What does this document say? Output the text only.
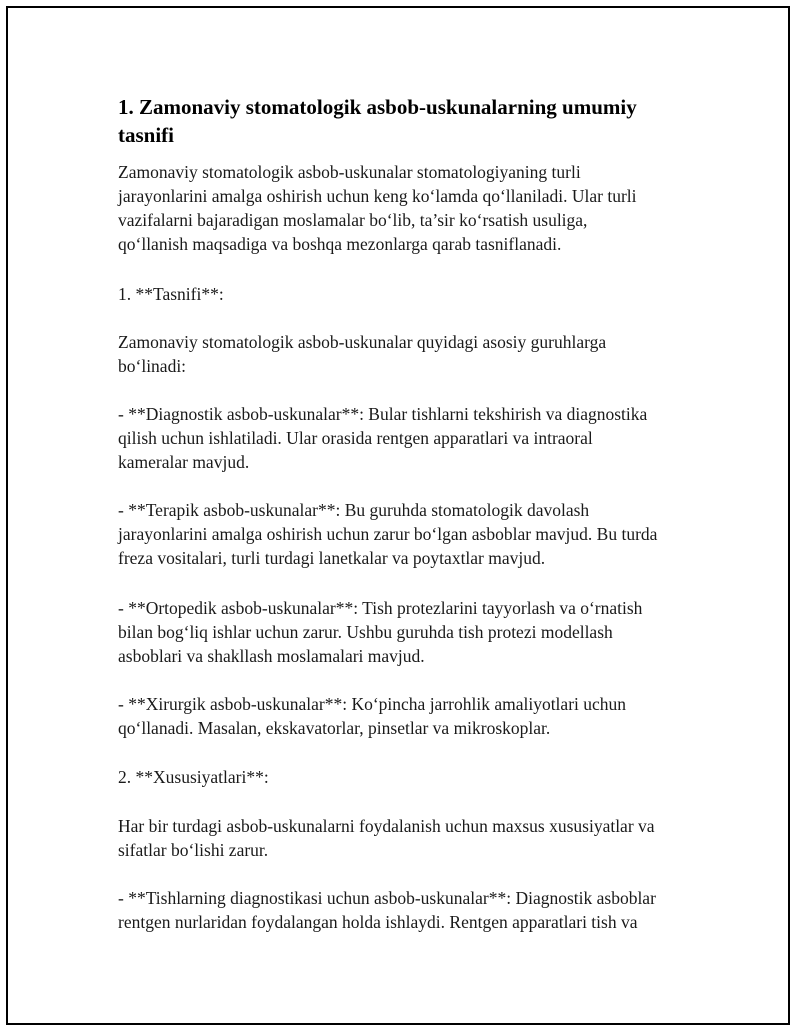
1. Zamonaviy stomatologik asbob-uskunalarning umumiy
tasnifi
Zamonaviy stomatologik asbob-uskunalar stomatologiyaning turli
jarayonlarini amalga oshirish uchun keng ko‘lamda qo‘llaniladi. Ular turli
vazifalarni bajaradigan moslamalar bo‘lib, ta’sir ko‘rsatish usuliga,
qo‘llanish maqsadiga va boshqa mezonlarga qarab tasniflanadi.
1. **Tasnifi**:
Zamonaviy stomatologik asbob-uskunalar quyidagi asosiy guruhlarga
bo‘linadi:
- **Diagnostik asbob-uskunalar**: Bular tishlarni tekshirish va diagnostika
qilish uchun ishlatiladi. Ular orasida rentgen apparatlari va intraoral
kameralar mavjud.
- **Terapik asbob-uskunalar**: Bu guruhda stomatologik davolash
jarayonlarini amalga oshirish uchun zarur bo‘lgan asboblar mavjud. Bu turda
freza vositalari, turli turdagi lanetkalar va poytaxtlar mavjud.
- **Ortopedik asbob-uskunalar**: Tish protezlarini tayyorlash va o‘rnatish
bilan bog‘liq ishlar uchun zarur. Ushbu guruhda tish protezi modellash
asboblari va shakllash moslamalari mavjud.
- **Xirurgik asbob-uskunalar**: Ko‘pincha jarrohlik amaliyotlari uchun
qo‘llanadi. Masalan, ekskavatorlar, pinsetlar va mikroskoplar.
2. **Xususiyatlari**:
Har bir turdagi asbob-uskunalarni foydalanish uchun maxsus xususiyatlar va
sifatlar bo‘lishi zarur.
- **Tishlarning diagnostikasi uchun asbob-uskunalar**: Diagnostik asboblar
rentgen nurlaridan foydalangan holda ishlaydi. Rentgen apparatlari tish va
